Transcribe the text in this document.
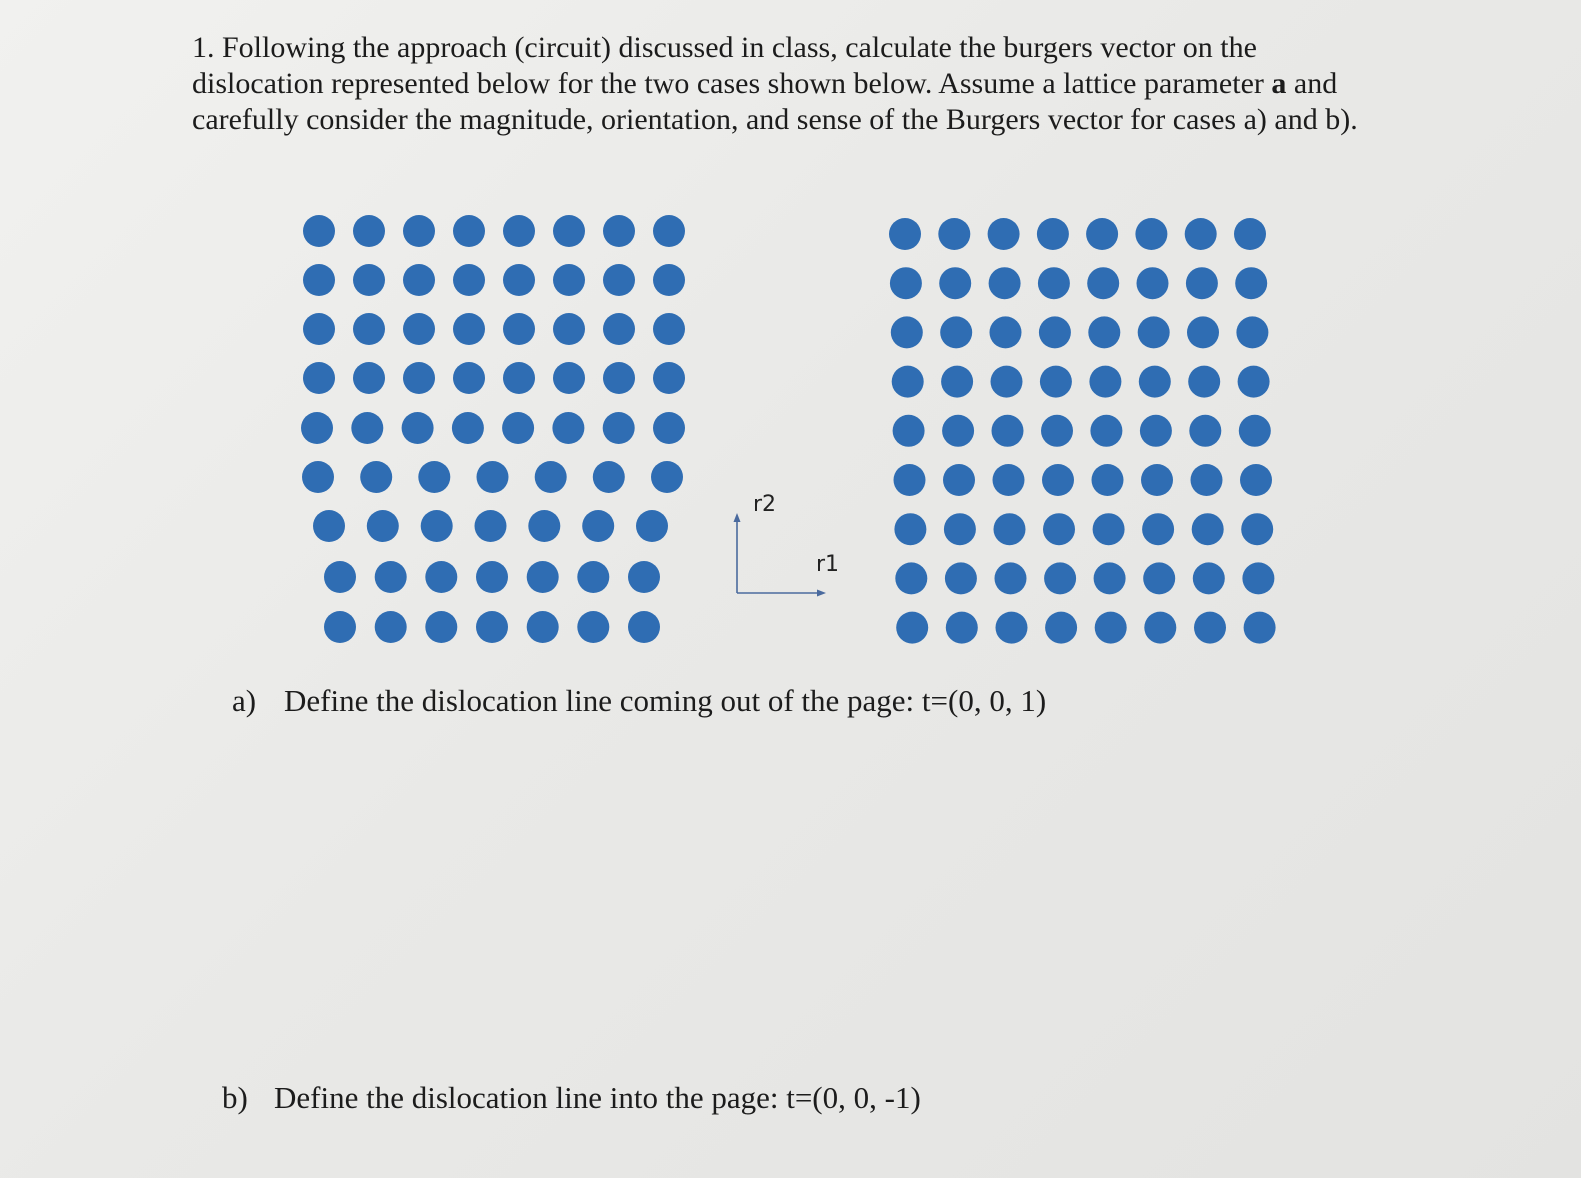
1. Following the approach (circuit) discussed in class, calculate the burgers vector on the dislocation represented below for the two cases shown below. Assume a lattice parameter a and carefully consider the magnitude, orientation, and sense of the Burgers vector for cases a) and b).

r2
r1

a) Define the dislocation line coming out of the page: t=(0, 0, 1)

b) Define the dislocation line into the page: t=(0, 0, -1)
